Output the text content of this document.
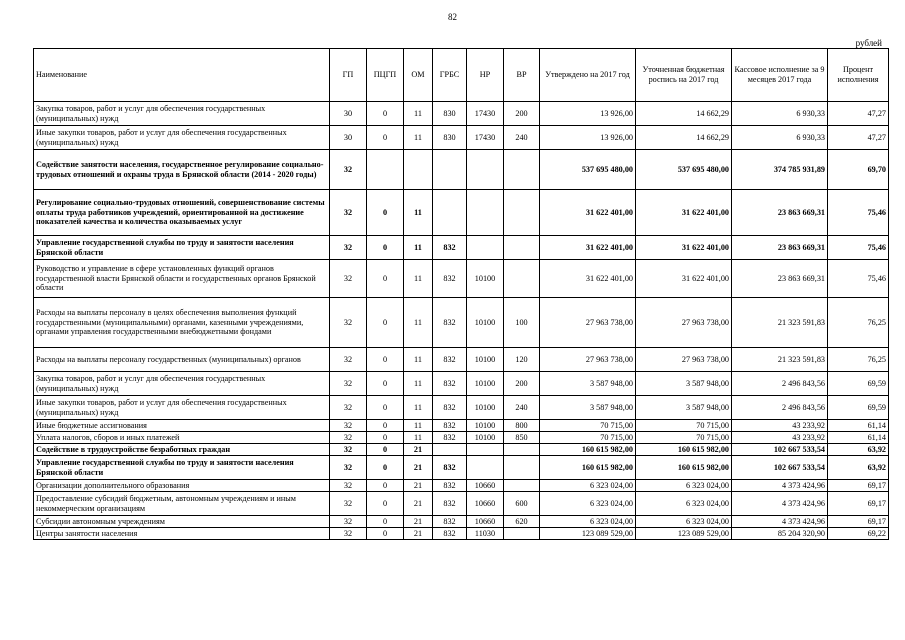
82
рублей
Наименование	ГП	ПЦГП	ОМ	ГРБС	НР	ВР	Утверждено на 2017 год	Уточненная бюджетная роспись на 2017 год	Кассовое исполнение за 9 месяцев 2017 года	Процент исполнения
Закупка товаров, работ и услуг для обеспечения государственных (муниципальных) нужд	30	0	11	830	17430	200	13 926,00	14 662,29	6 930,33	47,27
Иные закупки товаров, работ и услуг для обеспечения государственных (муниципальных) нужд	30	0	11	830	17430	240	13 926,00	14 662,29	6 930,33	47,27
Содействие занятости населения, государственное регулирование социально-трудовых отношений и охраны труда в Брянской области (2014 - 2020 годы)	32						537 695 480,00	537 695 480,00	374 785 931,89	69,70
Регулирование социально-трудовых отношений, совершенствование системы оплаты труда работников учреждений, ориентированной на достижение показателей качества и количества оказываемых услуг	32	0	11				31 622 401,00	31 622 401,00	23 863 669,31	75,46
Управление государственной службы по труду и занятости населения Брянской области	32	0	11	832			31 622 401,00	31 622 401,00	23 863 669,31	75,46
Руководство и управление в сфере установленных функций органов государственной власти Брянской области и государственных органов Брянской области	32	0	11	832	10100		31 622 401,00	31 622 401,00	23 863 669,31	75,46
Расходы на выплаты персоналу в целях обеспечения выполнения функций государственными (муниципальными) органами, казенными учреждениями, органами управления государственными внебюджетными фондами	32	0	11	832	10100	100	27 963 738,00	27 963 738,00	21 323 591,83	76,25
Расходы на выплаты персоналу государственных (муниципальных) органов	32	0	11	832	10100	120	27 963 738,00	27 963 738,00	21 323 591,83	76,25
Закупка товаров, работ и услуг для обеспечения государственных (муниципальных) нужд	32	0	11	832	10100	200	3 587 948,00	3 587 948,00	2 496 843,56	69,59
Иные закупки товаров, работ и услуг для обеспечения государственных (муниципальных) нужд	32	0	11	832	10100	240	3 587 948,00	3 587 948,00	2 496 843,56	69,59
Иные бюджетные ассигнования	32	0	11	832	10100	800	70 715,00	70 715,00	43 233,92	61,14
Уплата налогов, сборов и иных платежей	32	0	11	832	10100	850	70 715,00	70 715,00	43 233,92	61,14
Содействие в трудоустройстве безработных граждан	32	0	21				160 615 982,00	160 615 982,00	102 667 533,54	63,92
Управление государственной службы по труду и занятости населения Брянской области	32	0	21	832			160 615 982,00	160 615 982,00	102 667 533,54	63,92
Организации дополнительного образования	32	0	21	832	10660		6 323 024,00	6 323 024,00	4 373 424,96	69,17
Предоставление субсидий бюджетным, автономным учреждениям и иным некоммерческим организациям	32	0	21	832	10660	600	6 323 024,00	6 323 024,00	4 373 424,96	69,17
Субсидии автономным учреждениям	32	0	21	832	10660	620	6 323 024,00	6 323 024,00	4 373 424,96	69,17
Центры занятости населения	32	0	21	832	11030		123 089 529,00	123 089 529,00	85 204 320,90	69,22
